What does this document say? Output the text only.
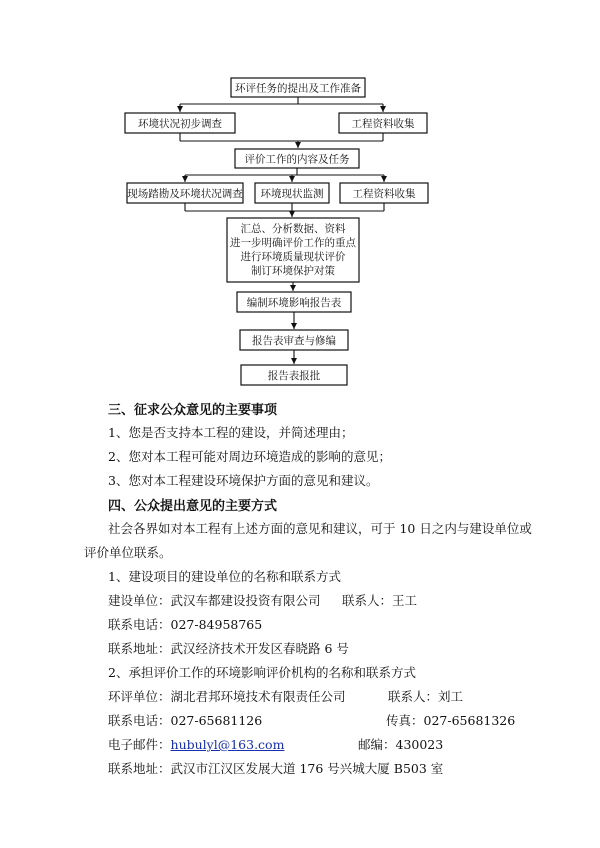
环评任务的提出及工作准备
环境状况初步调查	工程资料收集
评价工作的内容及任务
现场踏勘及环境状况调查 环境现状监测	工程资料收集
汇总、分析数据、资料
进一步明确评价工作的重点
进行环境质量现状评价
制订环境保护对策
编制环境影响报告表
报告表审查与修编
报告表报批
三、征求公众意见的主要事项
1、您是否支持本工程的建设，并简述理由；
2、您对本工程可能对周边环境造成的影响的意见；
3、您对本工程建设环境保护方面的意见和建议。
四、公众提出意见的主要方式
社会各界如对本工程有上述方面的意见和建议，可于 10 日之内与建设单位或
评价单位联系。
1、建设项目的建设单位的名称和联系方式
建设单位：武汉车都建设投资有限公司 联系人：王工
联系电话：027-84958765
联系地址：武汉经济技术开发区春晓路 6 号
2、承担评价工作的环境影响评价机构的名称和联系方式
环评单位：湖北君邦环境技术有限责任公司	联系人：刘工
联系电话：027-65681126	传真：027-65681326
电子邮件：hubulyl@163.com	邮编：430023
联系地址：武汉市江汉区发展大道 176 号兴城大厦 B503 室
